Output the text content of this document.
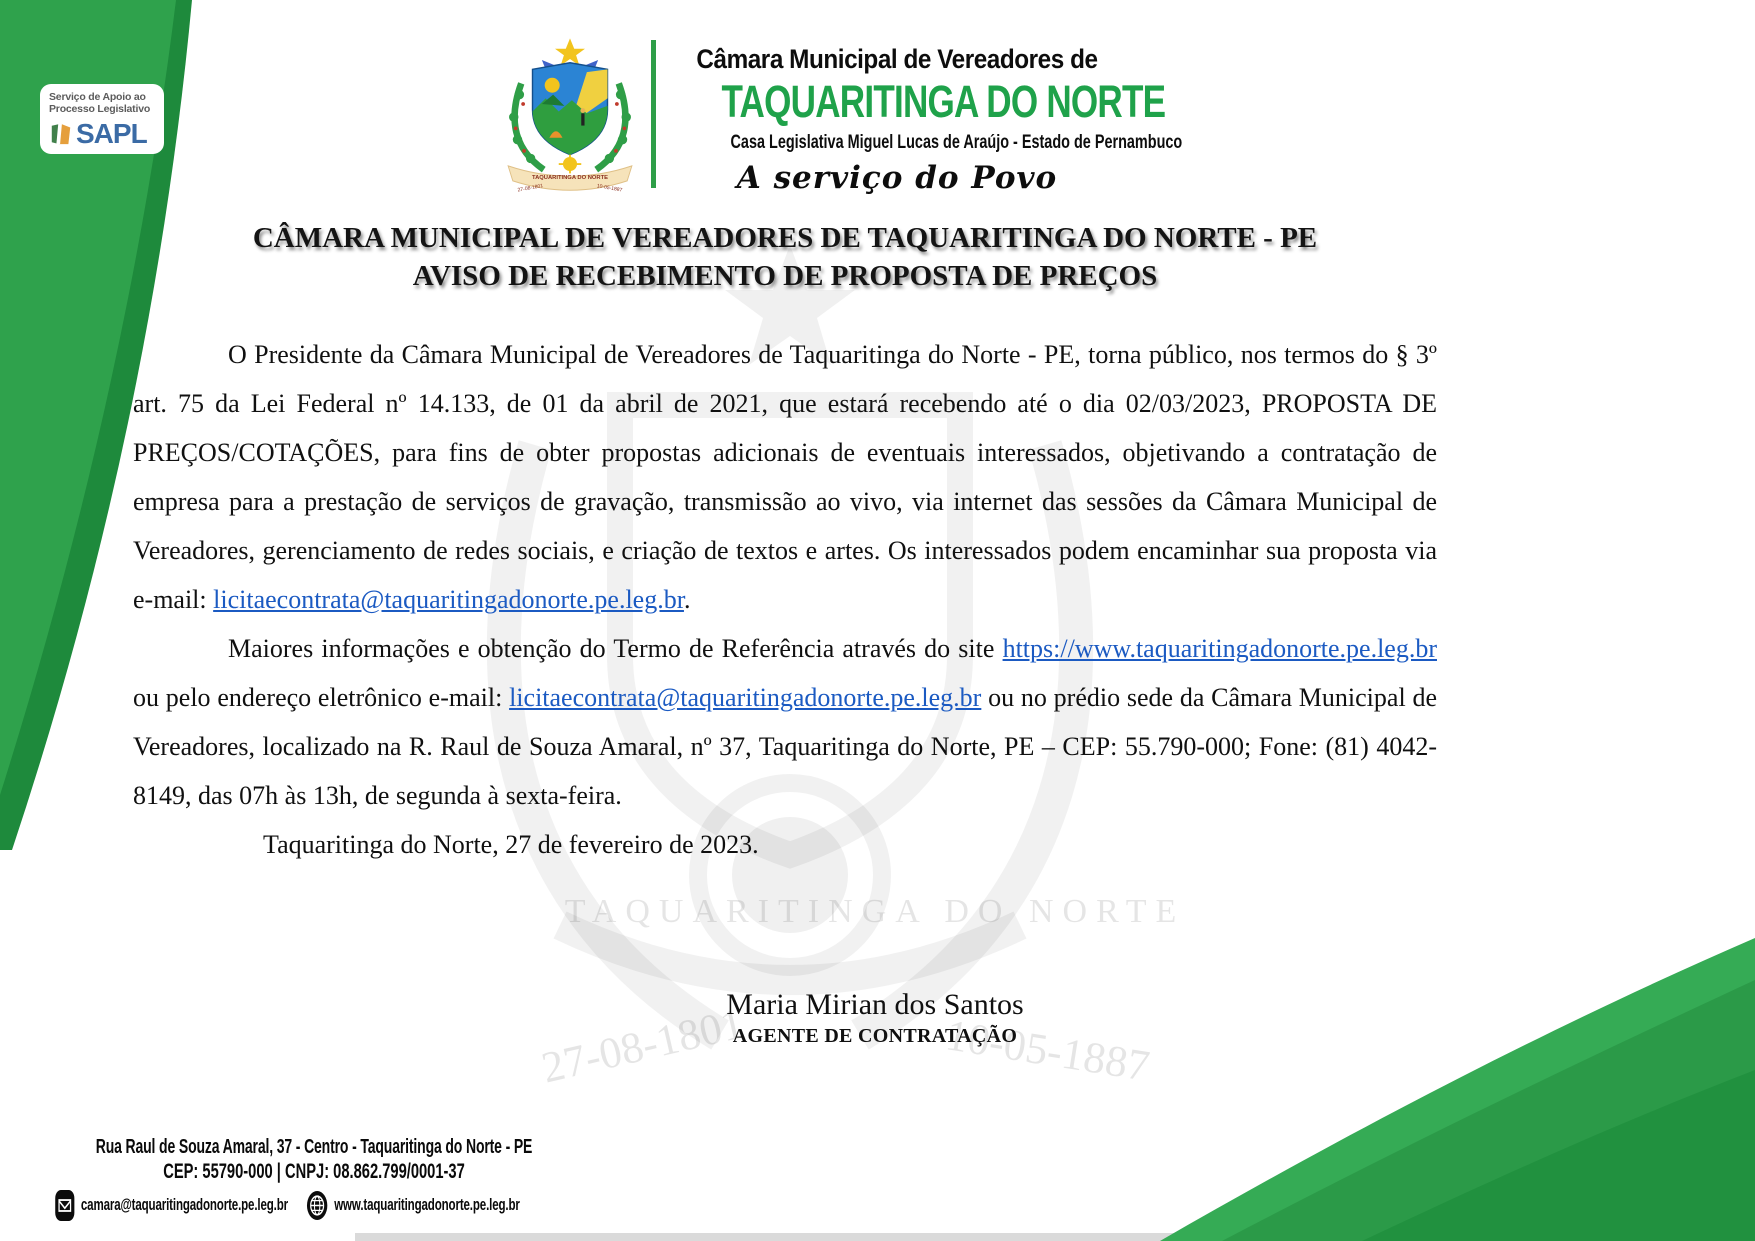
TAQUARITINGA DO NORTE
27-08-1801	10-05-1887
Serviço de Apoio ao
Processo Legislativo
SAPL
TAQUARITINGA DO NORTE
27-08-1801	10-05-1887
Câmara Municipal de Vereadores de
TAQUARITINGA DO NORTE
Casa Legislativa Miguel Lucas de Araújo - Estado de Pernambuco
A serviço do Povo
CÂMARA MUNICIPAL DE VEREADORES DE TAQUARITINGA DO NORTE - PE
AVISO DE RECEBIMENTO DE PROPOSTA DE PREÇOS

O Presidente da Câmara Municipal de Vereadores de Taquaritinga do Norte - PE, torna público, nos termos do § 3º art. 75 da Lei Federal nº 14.133, de 01 da abril de 2021, que estará recebendo até o dia 02/03/2023, PROPOSTA DE PREÇOS/COTAÇÕES, para fins de obter propostas adicionais de eventuais interessados, objetivando a contratação de empresa para a prestação de serviços de gravação, transmissão ao vivo, via internet das sessões da Câmara Municipal de Vereadores, gerenciamento de redes sociais, e criação de textos e artes. Os interessados podem encaminhar sua proposta via e-mail: licitaecontrata@taquaritingadonorte.pe.leg.br.

Maiores informações e obtenção do Termo de Referência através do site https://www.taquaritingadonorte.pe.leg.br ou pelo endereço eletrônico e-mail: licitaecontrata@taquaritingadonorte.pe.leg.br ou no prédio sede da Câmara Municipal de Vereadores, localizado na R. Raul de Souza Amaral, nº 37, Taquaritinga do Norte, PE – CEP: 55.790-000; Fone: (81) 4042-8149, das 07h às 13h, de segunda à sexta-feira.

Taquaritinga do Norte, 27 de fevereiro de 2023.

Maria Mirian dos Santos
AGENTE DE CONTRATAÇÃO
Rua Raul de Souza Amaral, 37 - Centro - Taquaritinga do Norte - PE
CEP: 55790-000 | CNPJ: 08.862.799/0001-37
camara@taquaritingadonorte.pe.leg.br	www.taquaritingadonorte.pe.leg.br
